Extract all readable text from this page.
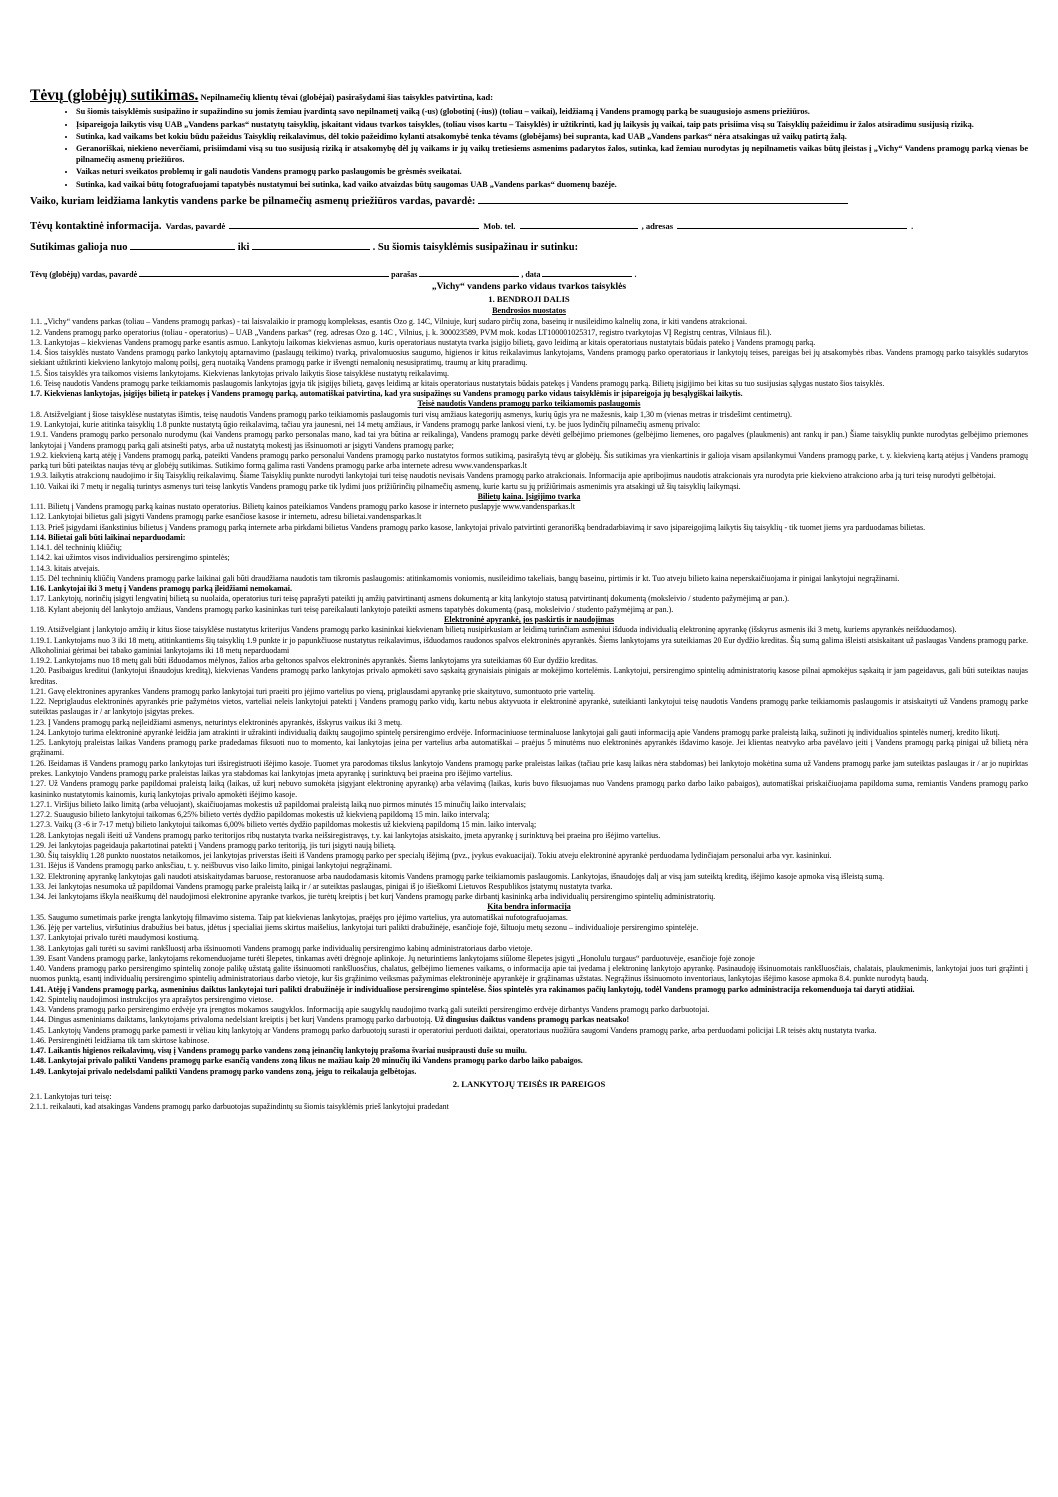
Tėvų (globėjų) sutikimas. Nepilnamečių klientų tėvai (globėjai) pasirašydami šias taisykles patvirtina, kad:
• Su šiomis taisyklėmis susipažino ir supažindino su jomis žemiau įvardintą savo nepilnametį vaiką (-us) (globotinį (-ius)) (toliau – vaikai), leidžiamą į Vandens pramogų parką be suaugusiojo asmens priežiūros.
• Įsipareigoja laikytis visų UAB „Vandens parkas“ nustatytų taisyklių, įskaitant vidaus tvarkos taisykles, (toliau visos kartu – Taisyklės) ir užtikrinti, kad jų laikysis jų vaikai, taip pats prisiima visą su Taisyklių pažeidimu ir žalos atsiradimu susijusią riziką.
• Sutinka, kad vaikams bet kokiu būdu pažeidus Taisyklių reikalavimus, dėl tokio pažeidimo kylanti atsakomybė tenka tėvams (globėjams) bei supranta, kad UAB „Vandens parkas“ nėra atsakingas už vaikų patirtą žalą.
• Geranoriškai, niekieno neverčiami, prisiimdami visą su tuo susijusią riziką ir atsakomybę dėl jų vaikams ir jų vaikų tretiesiems asmenims padarytos žalos, sutinka, kad žemiau nurodytas jų nepilnametis vaikas būtų įleistas į „Vichy“ Vandens pramogų parką vienas be pilnamečių asmenų priežiūros.
• Vaikas neturi sveikatos problemų ir gali naudotis Vandens pramogų parko paslaugomis be grėsmės sveikatai.
• Sutinka, kad vaikai būtų fotografuojami tapatybės nustatymui bei sutinka, kad vaiko atvaizdas būtų saugomas UAB „Vandens parkas“ duomenų bazėje.
Vaiko, kuriam leidžiama lankytis vandens parke be pilnamečių asmenų priežiūros vardas, pavardė:
Tėvų kontaktinė informacija. Vardas, pavardė	Mob. tel.	, adresas	.
Sutikimas galioja nuo	iki	. Su šiomis taisyklėmis susipažinau ir sutinku:
Tėvų (globėjų) vardas, pavardė	parašas	, data	.
„Vichy“ vandens parko vidaus tvarkos taisyklės
1. BENDROJI DALIS
Bendrosios nuostatos
1.1. „Vichy“ vandens parkas (toliau – Vandens pramogų parkas) - tai laisvalaikio ir pramogų kompleksas, esantis Ozo g. 14C, Vilniuje, kurį sudaro pirčių zona, baseinų ir nusileidimo kalnelių zona, ir kiti vandens atrakcionai.
1.2. Vandens pramogų parko operatorius (toliau - operatorius) – UAB „Vandens parkas“ (reg. adresas Ozo g. 14C , Vilnius, į. k. 300023589, PVM mok. kodas LT100001025317, registro tvarkytojas VĮ Registrų centras, Vilniaus fil.).
1.3. Lankytojas – kiekvienas Vandens pramogų parke esantis asmuo. Lankytoju laikomas kiekvienas asmuo, kuris operatoriaus nustatyta tvarka įsigijo bilietą, gavo leidimą ar kitais operatoriaus nustatytais būdais pateko į Vandens pramogų parką.
1.4. Šios taisyklės nustato Vandens pramogų parko lankytojų aptarnavimo (paslaugų teikimo) tvarką, privalomuosius saugumo, higienos ir kitus reikalavimus lankytojams, Vandens pramogų parko operatoriaus ir lankytojų teises, pareigas bei jų atsakomybės ribas. Vandens pramogų parko taisyklės sudarytos siekiant užtikrinti kiekvieno lankytojo malonų poilsį, gerą nuotaiką Vandens pramogų parke ir išvengti nemalonių nesusipratimų, traumų ar kitų praradimų.
1.5. Šios taisyklės yra taikomos visiems lankytojams. Kiekvienas lankytojas privalo laikytis šiose taisyklėse nustatytų reikalavimų.
1.6. Teisę naudotis Vandens pramogų parke teikiamomis paslaugomis lankytojas įgyja tik įsigijęs bilietą, gavęs leidimą ar kitais operatoriaus nustatytais būdais patekęs į Vandens pramogų parką. Bilietų įsigijimo bei kitas su tuo susijusias sąlygas nustato šios taisyklės.
1.7. Kiekvienas lankytojas, įsigijęs bilietą ir patekęs į Vandens pramogų parką, automatiškai patvirtina, kad yra susipažinęs su Vandens pramogų parko vidaus taisyklėmis ir įsipareigoja jų besąlygiškai laikytis.
Teisė naudotis Vandens pramogų parko teikiamomis paslaugomis
1.8. Atsižvelgiant į šiose taisyklėse nustatytas išimtis, teisę naudotis Vandens pramogų parko teikiamomis paslaugomis turi visų amžiaus kategorijų asmenys, kurių ūgis yra ne mažesnis, kaip 1,30 m (vienas metras ir trisdešimt centimetrų).
1.9. Lankytojai, kurie atitinka taisyklių 1.8 punkte nustatytą ūgio reikalavimą, tačiau yra jaunesni, nei 14 metų amžiaus, ir Vandens pramogų parke lankosi vieni, t.y. be juos lydinčių pilnamečių asmenų privalo:
1.9.1. Vandens pramogų parko personalo nurodymu (kai Vandens pramogų parko personalas mano, kad tai yra būtina ar reikalinga), Vandens pramogų parke dėvėti gelbėjimo priemones (gelbėjimo liemenes, oro pagalves (plaukmenis) ant rankų ir pan.) Šiame taisyklių punkte nurodytas gelbėjimo priemones lankytojai į Vandens pramogų parką gali atsinešti patys, arba už nustatytą mokestį jas išsinuomoti ar įsigyti Vandens pramogų parke;
1.9.2. kiekvieną kartą atėję į Vandens pramogų parką, pateikti Vandens pramogų parko personalui Vandens pramogų parko nustatytos formos sutikimą, pasirašytą tėvų ar globėjų. Šis sutikimas yra vienkartinis ir galioja visam apsilankymui Vandens pramogų parke, t. y. kiekvieną kartą atėjus į Vandens pramogų parką turi būti pateiktas naujas tėvų ar globėjų sutikimas. Sutikimo formą galima rasti Vandens pramogų parke arba internete adresu www.vandensparkas.lt
1.9.3. laikytis atrakcionų naudojimo ir šių Taisyklių reikalavimų. Šiame Taisyklių punkte nurodyti lankytojai turi teisę naudotis nevisais Vandens pramogų parko atrakcionais. Informacija apie apribojimus naudotis atrakcionais yra nurodyta prie kiekvieno atrakciono arba ją turi teisę nurodyti gelbėtojai.
1.10. Vaikai iki 7 metų ir negalią turintys asmenys turi teisę lankytis Vandens pramogų parke tik lydimi juos prižiūrinčių pilnamečių asmenų, kurie kartu su jų prižiūrimais asmenimis yra atsakingi už šių taisyklių laikymąsi.
Bilietų kaina. Įsigijimo tvarka
1.11. Bilietų į Vandens pramogų parką kainas nustato operatorius. Bilietų kainos pateikiamos Vandens pramogų parko kasose ir interneto puslapyje www.vandensparkas.lt
1.12. Lankytojai bilietus gali įsigyti Vandens pramogų parke esančiose kasose ir internetu, adresu bilietai.vandensparkas.lt
1.13. Prieš įsigydami išankstinius bilietus į Vandens pramogų parką internete arba pirkdami bilietus Vandens pramogų parko kasose, lankytojai privalo patvirtinti geranorišką bendradarbiavimą ir savo įsipareigojimą laikytis šių taisyklių - tik tuomet jiems yra parduodamas bilietas.
1.14. Bilietai gali būti laikinai neparduodami:
1.14.1. dėl techninių kliūčių;
1.14.2. kai užimtos visos individualios persirengimo spintelės;
1.14.3. kitais atvejais.
1.15. Dėl techninių kliūčių Vandens pramogų parke laikinai gali būti draudžiama naudotis tam tikromis paslaugomis: atitinkamomis voniomis, nusileidimo takeliais, bangų baseinu, pirtimis ir kt. Tuo atveju bilieto kaina neperskaičiuojama ir pinigai lankytojui negrąžinami.
1.16. Lankytojai iki 3 metų į Vandens pramogų parką įleidžiami nemokamai.
1.17. Lankytojų, norinčių įsigyti lengvatinį bilietą su nuolaida, operatorius turi teisę paprašyti pateikti jų amžių patvirtinantį asmens dokumentą ar kitą lankytojo statusą patvirtinantį dokumentą (moksleivio / studento pažymėjimą ar pan.).
1.18. Kylant abejonių dėl lankytojo amžiaus, Vandens pramogų parko kasininkas turi teisę pareikalauti lankytojo pateikti asmens tapatybės dokumentą (pasą, moksleivio / studento pažymėjimą ar pan.).
Elektroninė apyrankė, jos paskirtis ir naudojimas
1.19. Atsižvelgiant į lankytojo amžių ir kitus šiose taisyklėse nustatytus kriterijus Vandens pramogų parko kasininkai kiekvienam bilietą nusipirkusiam ar leidimą turinčiam asmeniui išduoda individualią elektroninę apyrankę (išskyrus asmenis iki 3 metų, kuriems apyrankės neišduodamos).
1.19.1. Lankytojams nuo 3 iki 18 metų, atitinkantiems šių taisyklių 1.9 punkte ir jo papunkčiuose nustatytus reikalavimus, išduodamos raudonos spalvos elektroninės apyrankės. Šiems lankytojams yra suteikiamas 20 Eur dydžio kreditas. Šią sumą galima išleisti atsiskaitant už paslaugas Vandens pramogų parke. Alkoholiniai gėrimai bei tabako gaminiai lankytojams iki 18 metų neparduodami
1.19.2. Lankytojams nuo 18 metų gali būti išduodamos mėlynos, žalios arba geltonos spalvos elektroninės apyrankės. Šiems lankytojams yra suteikiamas 60 Eur dydžio kreditas.
1.20. Pasibaigus kreditui (lankytojui išnaudojus kreditą), kiekvienas Vandens pramogų parko lankytojas privalo apmokėti savo sąskaitą grynaisiais pinigais ar mokėjimo kortelėmis. Lankytojui, persirengimo spintelių administratorių kasose pilnai apmokėjus sąskaitą ir jam pageidavus, gali būti suteiktas naujas kreditas.
1.21. Gavę elektronines apyrankes Vandens pramogų parko lankytojai turi praeiti pro įėjimo vartelius po vieną, priglausdami apyrankę prie skaitytuvo, sumontuoto prie vartelių.
1.22. Nepriglaudus elektroninės apyrankės prie pažymėtos vietos, varteliai neleis lankytojui patekti į Vandens pramogų parko vidų, kartu nebus aktyvuota ir elektroninė apyrankė, suteikianti lankytojui teisę naudotis Vandens pramogų parke teikiamomis paslaugomis ir atsiskaityti už Vandens pramogų parke suteiktas paslaugas ir / ar lankytojo įsigytas prekes.
1.23. Į Vandens pramogų parką neįleidžiami asmenys, neturintys elektroninės apyrankės, išskyrus vaikus iki 3 metų.
1.24. Lankytojo turima elektroninė apyrankė leidžia jam atrakinti ir užrakinti individualią daiktų saugojimo spintelę persirengimo erdvėje. Informaciniuose terminaluose lankytojai gali gauti informaciją apie Vandens pramogų parke praleistą laiką, sužinoti jų individualios spintelės numerį, kredito likutį.
1.25. Lankytojų praleistas laikas Vandens pramogų parke pradedamas fiksuoti nuo to momento, kai lankytojas įeina per vartelius arba automatiškai – praėjus 5 minutėms nuo elektroninės apyrankės išdavimo kasoje. Jei klientas neatvyko arba pavėlavo įeiti į Vandens pramogų parką pinigai už bilietą nėra grąžinami.
1.26. Išeidamas iš Vandens pramogų parko lankytojas turi išsiregistruoti išėjimo kasoje. Tuomet yra parodomas tikslus lankytojo Vandens pramogų parke praleistas laikas (tačiau prie kasų laikas nėra stabdomas) bei lankytojo mokėtina suma už Vandens pramogų parke jam suteiktas paslaugas ir / ar jo nupirktas prekes. Lankytojo Vandens pramogų parke praleistas laikas yra stabdomas kai lankytojas įmeta apyrankę į surinktuvą bei praeina pro išėjimo vartelius.
1.27. Už Vandens pramogų parke papildomai praleistą laiką (laikas, už kurį nebuvo sumokėta įsigyjant elektroninę apyrankę) arba vėlavimą (laikas, kuris buvo fiksuojamas nuo Vandens pramogų parko darbo laiko pabaigos), automatiškai priskaičiuojama papildoma suma, remiantis Vandens pramogų parko kasininko nustatytomis kainomis, kurią lankytojas privalo apmokėti išėjimo kasoje.
1.27.1. Viršijus bilieto laiko limitą (arba vėluojant), skaičiuojamas mokestis už papildomai praleistą laiką nuo pirmos minutės 15 minučių laiko intervalais;
1.27.2. Suaugusio bilieto lankytojui taikomas 6,25% bilieto vertės dydžio papildomas mokestis už kiekvieną papildomą 15 min. laiko intervalą;
1.27.3. Vaikų (3 -6 ir 7-17 metų) bilieto lankytojui taikomas 6,00% bilieto vertės dydžio papildomas mokestis už kiekvieną papildomą 15 min. laiko intervalą;
1.28. Lankytojas negali išeiti už Vandens pramogų parko teritorijos ribų nustatyta tvarka neišsiregistravęs, t.y. kai lankytojas atsiskaito, įmeta apyrankę į surinktuvą bei praeina pro išėjimo vartelius.
1.29. Jei lankytojas pageidauja pakartotinai patekti į Vandens pramogų parko teritoriją, jis turi įsigyti naują bilietą.
1.30. Šių taisyklių 1.28 punkto nuostatos netaikomos, jei lankytojas priverstas išeiti iš Vandens pramogų parko per specialų išėjimą (pvz., įvykus evakuacijai). Tokiu atveju elektroninė apyrankė perduodama lydinčiajam personalui arba vyr. kasininkui.
1.31. Išėjus iš Vandens pramogų parko anksčiau, t. y. neišbuvus viso laiko limito, pinigai lankytojui negrąžinami.
1.32. Elektroninę apyrankę lankytojas gali naudoti atsiskaitydamas baruose, restoranuose arba naudodamasis kitomis Vandens pramogų parke teikiamomis paslaugomis. Lankytojas, išnaudojęs dalį ar visą jam suteiktą kreditą, išėjimo kasoje apmoka visą išleistą sumą.
1.33. Jei lankytojas nesumoka už papildomai Vandens pramogų parke praleistą laiką ir / ar suteiktas paslaugas, pinigai iš jo išieškomi Lietuvos Respublikos įstatymų nustatyta tvarka.
1.34. Jei lankytojams iškyla neaiškumų dėl naudojimosi elektronine apyranke tvarkos, jie turėtų kreiptis į bet kurį Vandens pramogų parke dirbantį kasininką arba individualių persirengimo spintelių administratorių.
Kita bendra informacija
1.35. Saugumo sumetimais parke įrengta lankytojų filmavimo sistema. Taip pat kiekvienas lankytojas, praėjęs pro įėjimo vartelius, yra automatiškai nufotografuojamas.
1.36. Įėję per vartelius, viršutinius drabužius bei batus, įdėtus į specialiai jiems skirtus maišelius, lankytojai turi palikti drabužinėje, esančioje fojė, šiltuoju metų sezonu – individualioje persirengimo spintelėje.
1.37. Lankytojai privalo turėti maudymosi kostiumą.
1.38. Lankytojas gali turėti su savimi rankšluostį arba išsinuomoti Vandens pramogų parke individualių persirengimo kabinų administratoriaus darbo vietoje.
1.39. Esant Vandens pramogų parke, lankytojams rekomenduojame turėti šlepetes, tinkamas avėti drėgnoje aplinkoje. Jų neturintiems lankytojams siūlome šlepetes įsigyti „Honolulu turgaus“ parduotuvėje, esančioje fojė zonoje
1.40. Vandens pramogų parko persirengimo spintelių zonoje palikę užstatą galite išsinuomoti rankšluosčius, chalatus, gelbėjimo liemenes vaikams, o informacija apie tai įvedama į elektroninę lankytojo apyrankę. Pasinaudoję išsinuomotais rankšluosčiais, chalatais, plaukmenimis, lankytojai juos turi grąžinti į nuomos punktą, esantį individualių persirengimo spintelių administratoriaus darbo vietoje, kur šis grąžinimo veiksmas pažymimas elektroninėje apyrankėje ir grąžinamas užstatas. Negrąžinus išsinuomoto inventoriaus, lankytojas išėjimo kasose apmoka 8.4. punkte nurodytą baudą.
1.41. Atėję į Vandens pramogų parką, asmeninius daiktus lankytojai turi palikti drabužinėje ir individualiose persirengimo spintelėse. Šios spintelės yra rakinamos pačių lankytojų, todėl Vandens pramogų parko administracija rekomenduoja tai daryti atidžiai.
1.42. Spintelių naudojimosi instrukcijos yra aprašytos persirengimo vietose.
1.43. Vandens pramogų parko persirengimo erdvėje yra įrengtos mokamos saugyklos. Informaciją apie saugyklų naudojimo tvarką gali suteikti persirengimo erdvėje dirbantys Vandens pramogų parko darbuotojai.
1.44. Dingus asmeniniams daiktams, lankytojams privaloma nedelsiant kreiptis į bet kurį Vandens pramogų parko darbuotoją. Už dingusius daiktus vandens pramogų parkas neatsako!
1.45. Lankytojų Vandens pramogų parke pamesti ir vėliau kitų lankytojų ar Vandens pramogų parko darbuotojų surasti ir operatoriui perduoti daiktai, operatoriaus nuožiūra saugomi Vandens pramogų parke, arba perduodami policijai LR teisės aktų nustatyta tvarka.
1.46. Persirenginėti leidžiama tik tam skirtose kabinose.
1.47. Laikantis higienos reikalavimų, visų į Vandens pramogų parko vandens zoną įeinančių lankytojų prašoma švariai nusiprausti duše su muilu.
1.48. Lankytojai privalo palikti Vandens pramogų parke esančią vandens zoną likus ne mažiau kaip 20 minučių iki Vandens pramogų parko darbo laiko pabaigos.
1.49. Lankytojai privalo nedelsdami palikti Vandens pramogų parko vandens zoną, jeigu to reikalauja gelbėtojas.
2. LANKYTOJŲ TEISĖS IR PAREIGOS
2.1. Lankytojas turi teisę:
2.1.1. reikalauti, kad atsakingas Vandens pramogų parko darbuotojas supažindintų su šiomis taisyklėmis prieš lankytojui pradedant
